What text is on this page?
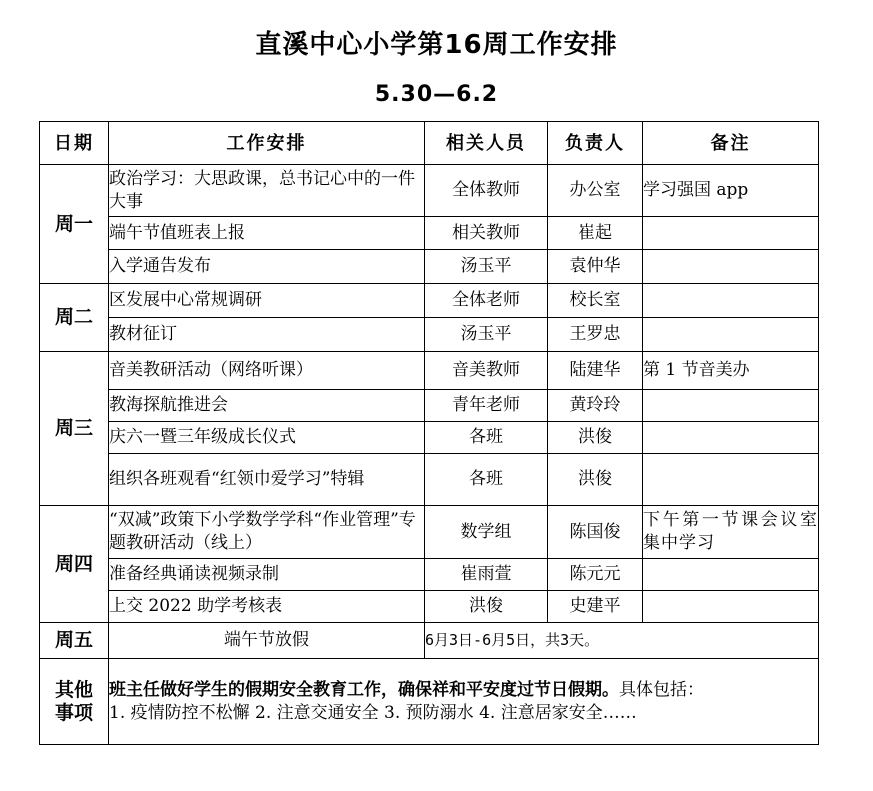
直溪中心小学第16周工作安排
5.30—6.2
日期	工作安排	相关人员	负责人	备注
周一	政治学习：大思政课，总书记心中的一件大事	全体教师	办公室	学习强国 app
	端午节值班表上报	相关教师	崔起	
	入学通告发布	汤玉平	袁仲华	
周二	区发展中心常规调研	全体老师	校长室	
	教材征订	汤玉平	王罗忠	
周三	音美教研活动（网络听课）	音美教师	陆建华	第 1 节音美办
	教海探航推进会	青年老师	黄玲玲	
	庆六一暨三年级成长仪式	各班	洪俊	
	组织各班观看“红领巾爱学习”特辑	各班	洪俊	
周四	“双减”政策下小学数学学科“作业管理”专题教研活动（线上）	数学组	陈国俊	下午第一节课会议室集中学习
	准备经典诵读视频录制	崔雨萱	陈元元	
	上交 2022 助学考核表	洪俊	史建平	
周五	端午节放假	6月3日-6月5日，共3天。		
其他事项	班主任做好学生的假期安全教育工作，确保祥和平安度过节日假期。具体包括：
1. 疫情防控不松懈 2. 注意交通安全 3. 预防溺水 4. 注意居家安全……			
